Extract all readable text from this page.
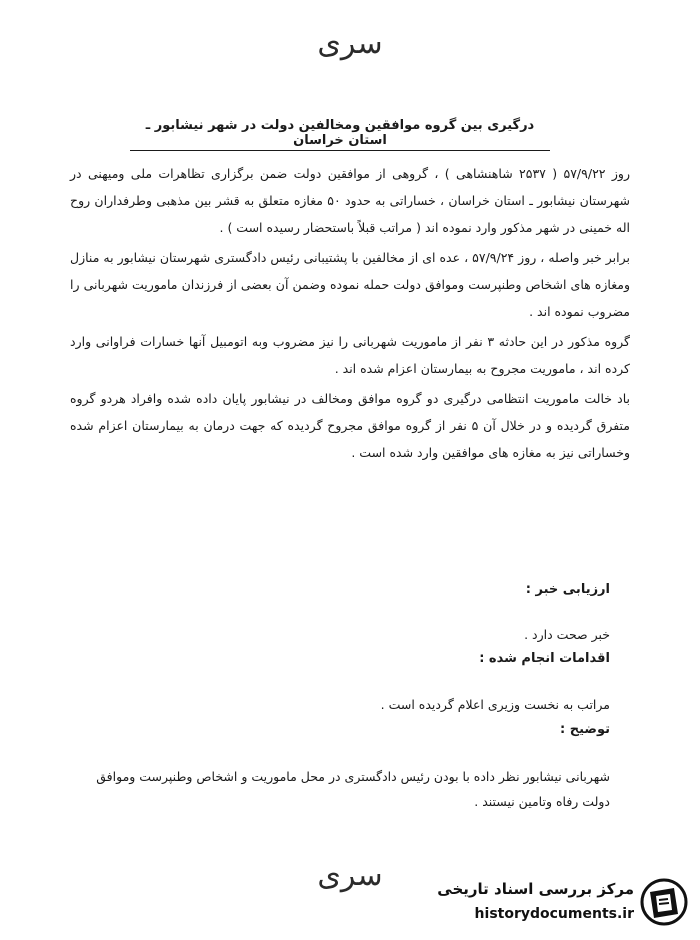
سری
درگیری بین گروه موافقین ومخالفین دولت در شهر نیشابور ـ استان خراسان

روز ۵۷/۹/۲۲ ( ۲۵۳۷ شاهنشاهی ) ، گروهی از موافقین دولت ضمن برگزاری تظاهرات ملی ومیهنی در شهرستان نیشابور ـ استان خراسان ، خساراتی به حدود ۵۰ مغازه متعلق به قشر بین مذهبی وطرفداران روح اله خمینی در شهر مذکور وارد نموده اند ( مراتب قبلاً باستحضار رسیده است ) .

برابر خبر واصله ، روز ۵۷/۹/۲۴ ، عده ای از مخالفین با پشتیبانی رئیس دادگستری شهرستان نیشابور به منازل ومغازه های اشخاص وطنپرست وموافق دولت حمله نموده وضمن آن بعضی از فرزندان ماموریت شهربانی را مضروب نموده اند .

گروه مذکور در این حادثه ۳ نفر از ماموریت شهربانی را نیز مضروب وبه اتومبیل آنها خسارات فراوانی وارد کرده اند ، ماموریت مجروح به بیمارستان اعزام شده اند .

باد خالت ماموریت انتظامی درگیری دو گروه موافق ومخالف در نیشابور پایان داده شده وافراد هردو گروه متفرق گردیده و در خلال آن ۵ نفر از گروه موافق مجروح گردیده که جهت درمان به بیمارستان اعزام شده وخساراتی نیز به مغازه های موافقین وارد شده است .

ارزیابی خبر :
خبر صحت دارد .
اقدامات انجام شده :
مراتب به نخست وزیری اعلام گردیده است .
توضیح :
شهربانی نیشابور نظر داده با بودن رئیس دادگستری در محل ماموریت و اشخاص وطنپرست وموافق دولت رفاه وتامین نیستند .
سری	مرکز بررسی اسناد تاریخی
historydocuments.ir
